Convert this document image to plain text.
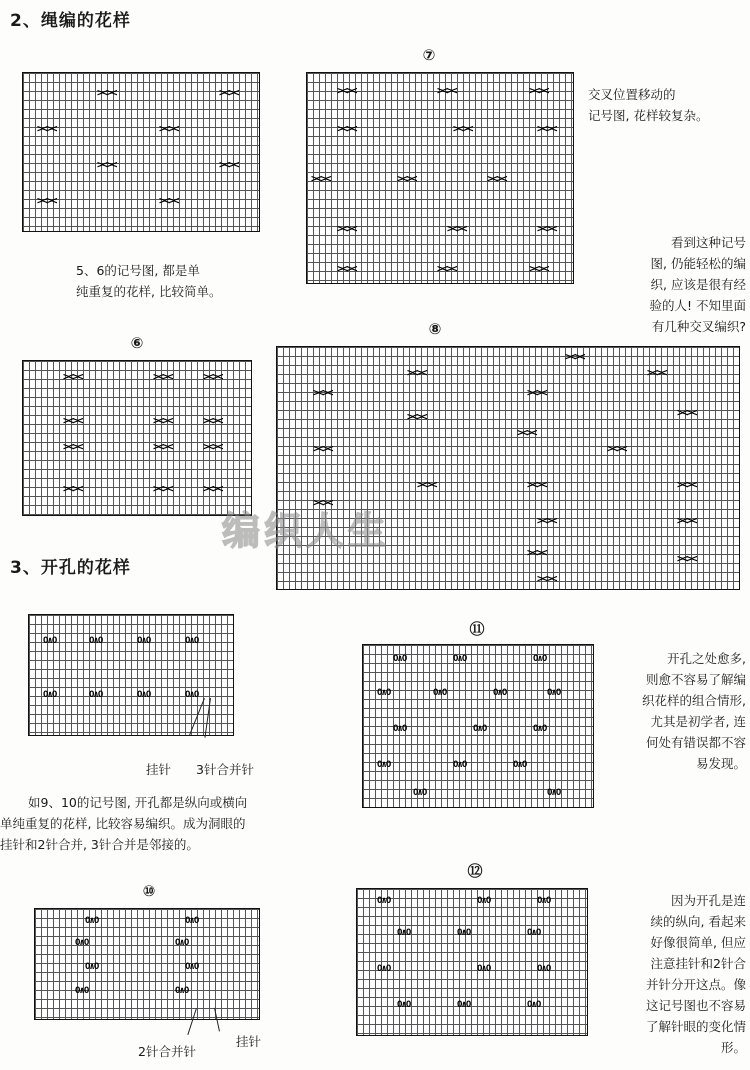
2、绳编的花样
><><	><><
><><	><><
><><	><><
><><	><><
⑦
><><	><><	><><
><><	><><	><><
><><	><><	><><
><><	><><	><><
><><	><><	><><
交叉位置移动的
记号图, 花样较复杂。
5、6的记号图, 都是单
纯重复的花样, 比较简单。
看到这种记号
图, 仍能轻松的编
织, 应该是很有经
验的人! 不知里面
有几种交叉编织?
⑥
><><	><><	><><
><><	><><	><><
><><	><><	><><
><><	><><	><><
⑧
><><
><><	><><
><><	><><
><><
><><
><><
><><	><><
><><	><><	><><
><><
><><	><><
><><	><><
><><
编织人生
3、开孔的花样
O∧O	O∧O	O∧O	O∧O
O∧O	O∧O	O∧O	O∧O
挂针 3针合并针
如9、10的记号图, 开孔都是纵向或横向
单纯重复的花样, 比较容易编织。成为洞眼的
挂针和2针合并, 3针合并是邻接的。
⑪
O∧O	O∧O	O∧O
O∧O	O∧O	O∧O	O∧O
O∧O	O∧O	O∧O
O∧O	O∧O	O∧O
O∧O	O∧O
开孔之处愈多,
则愈不容易了解编
织花样的组合情形,
尤其是初学者, 连
何处有错误都不容
易发现。
⑩
O∧O	O∧O
O∧O	O∧O
O∧O	O∧O
O∧O	O∧O
2针合并针
挂针
⑫
O∧O	O∧O	O∧O
O∧O	O∧O	O∧O
O∧O	O∧O	O∧O
O∧O	O∧O	O∧O
因为开孔是连
续的纵向, 看起来
好像很简单, 但应
注意挂针和2针合
并针分开这点。像
这记号图也不容易
了解针眼的变化情
形。
